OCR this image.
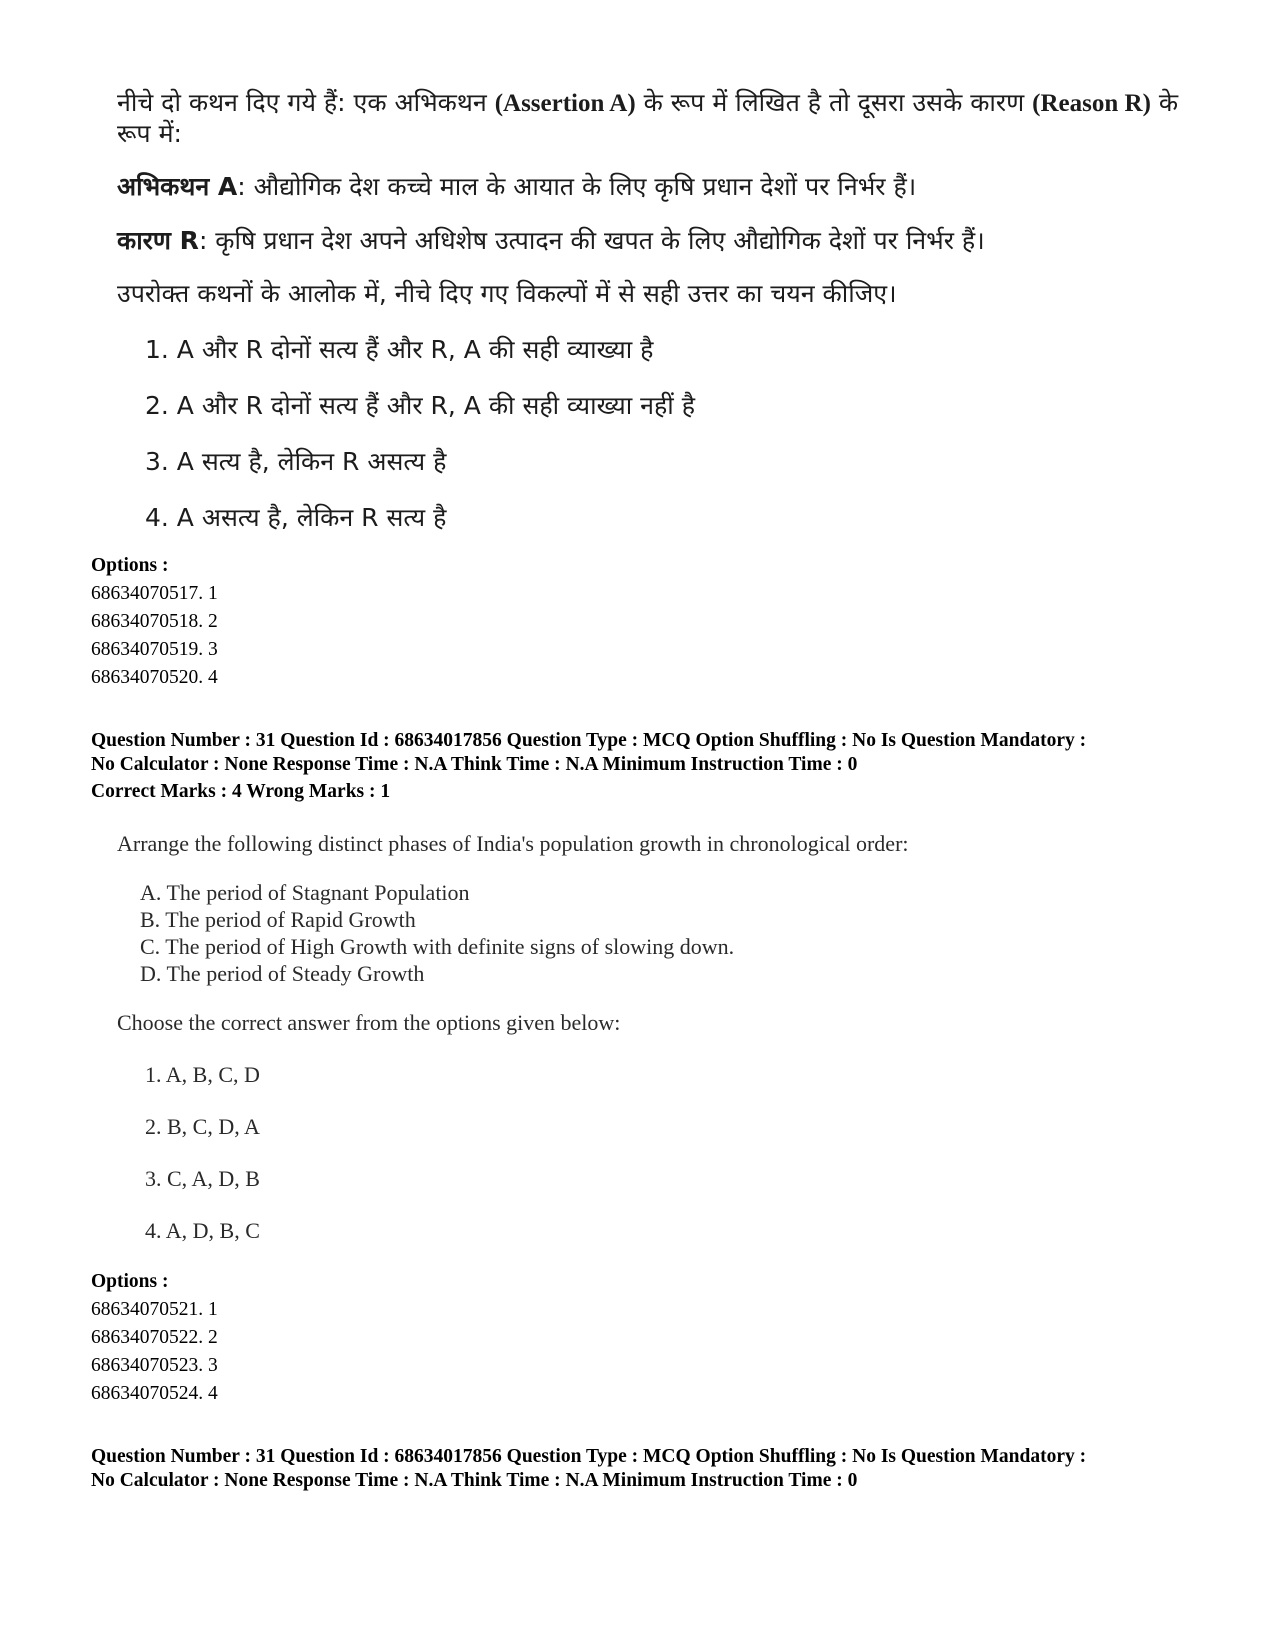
नीचे दो कथन दिए गये हैं: एक अभिकथन (Assertion A) के रूप में लिखित है तो दूसरा उसके कारण (Reason R) के
रूप में:
अभिकथन A: औद्योगिक देश कच्चे माल के आयात के लिए कृषि प्रधान देशों पर निर्भर हैं।
कारण R: कृषि प्रधान देश अपने अधिशेष उत्पादन की खपत के लिए औद्योगिक देशों पर निर्भर हैं।
उपरोक्त कथनों के आलोक में, नीचे दिए गए विकल्पों में से सही उत्तर का चयन कीजिए।
1. A और R दोनों सत्य हैं और R, A की सही व्याख्या है
2. A और R दोनों सत्य हैं और R, A की सही व्याख्या नहीं है
3. A सत्य है, लेकिन R असत्य है
4. A असत्य है, लेकिन R सत्य है
Options :
68634070517. 1
68634070518. 2
68634070519. 3
68634070520. 4
Question Number : 31 Question Id : 68634017856 Question Type : MCQ Option Shuffling : No Is Question Mandatory :
No Calculator : None Response Time : N.A Think Time : N.A Minimum Instruction Time : 0
Correct Marks : 4 Wrong Marks : 1
Arrange the following distinct phases of India's population growth in chronological order:
A. The period of Stagnant Population
B. The period of Rapid Growth
C. The period of High Growth with definite signs of slowing down.
D. The period of Steady Growth
Choose the correct answer from the options given below:
1. A, B, C, D
2. B, C, D, A
3. C, A, D, B
4. A, D, B, C
Options :
68634070521. 1
68634070522. 2
68634070523. 3
68634070524. 4
Question Number : 31 Question Id : 68634017856 Question Type : MCQ Option Shuffling : No Is Question Mandatory :
No Calculator : None Response Time : N.A Think Time : N.A Minimum Instruction Time : 0
